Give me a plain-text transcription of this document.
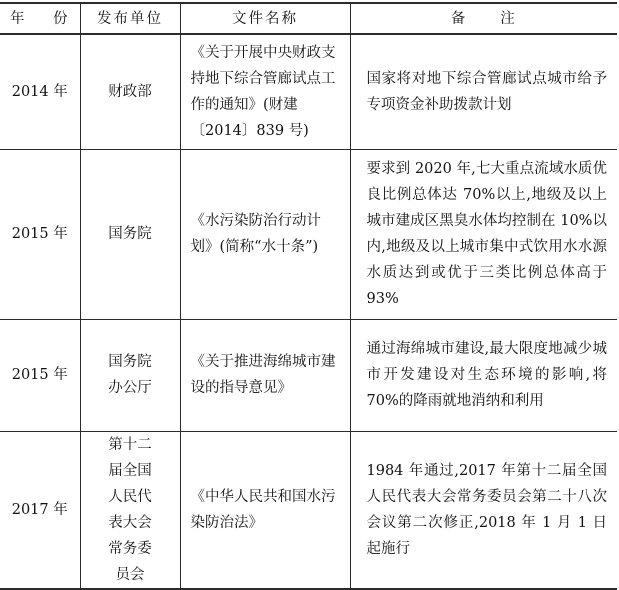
年　份	发布单位	文件名称	备　　注
2014 年	财政部	《关于开展中央财政支持地下综合管廊试点工作的通知》(财建〔2014〕839 号)	国家将对地下综合管廊试点城市给予专项资金补助拨款计划
2015 年	国务院	《水污染防治行动计划》(简称“水十条”)	要求到 2020 年,七大重点流域水质优良比例总体达 70%以上,地级及以上城市建成区黑臭水体均控制在 10%以内,地级及以上城市集中式饮用水水源水质达到或优于三类比例总体高于 93%
2015 年	国务院办公厅	《关于推进海绵城市建设的指导意见》	通过海绵城市建设,最大限度地减少城市开发建设对生态环境的影响,将 70%的降雨就地消纳和利用
2017 年	第十二届全国人民代表大会常务委员会	《中华人民共和国水污染防治法》	1984 年通过,2017 年第十二届全国人民代表大会常务委员会第二十八次会议第二次修正,2018 年 1 月 1 日起施行
